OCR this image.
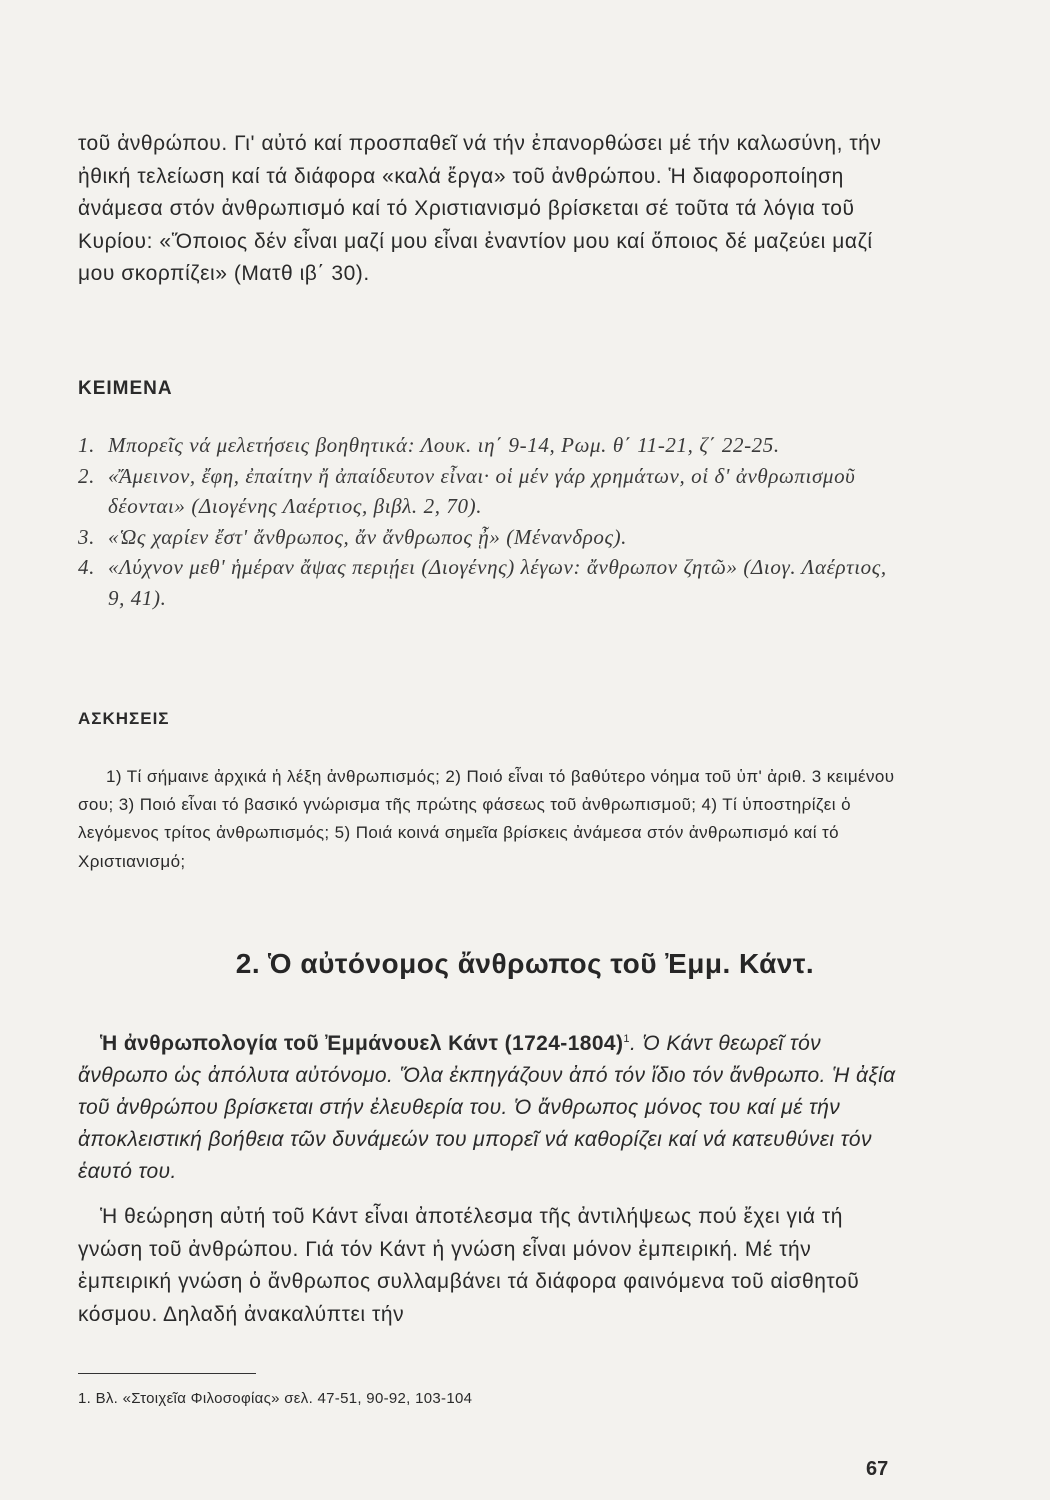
τοῦ ἀνθρώπου. Γι' αὐτό καί προσπαθεῖ νά τήν ἐπανορθώσει μέ τήν καλωσύνη, τήν ἠθική τελείωση καί τά διάφορα «καλά ἔργα» τοῦ ἀνθρώπου. Ἡ διαφοροποίηση ἀνάμεσα στόν ἀνθρωπισμό καί τό Χριστιανισμό βρίσκεται σέ τοῦτα τά λόγια τοῦ Κυρίου: «Ὅποιος δέν εἶναι μαζί μου εἶναι ἐναντίον μου καί ὅποιος δέ μαζεύει μαζί μου σκορπίζει» (Ματθ ιβ΄ 30).

ΚΕΙΜΕΝΑ
1. Μπορεῖς νά μελετήσεις βοηθητικά: Λουκ. ιη΄ 9-14, Ρωμ. θ΄ 11-21, ζ΄ 22-25.
2. «Ἄμεινον, ἔφη, ἐπαίτην ἤ ἀπαίδευτον εἶναι· οἱ μέν γάρ χρημάτων, οἱ δ' ἀνθρωπισμοῦ δέονται» (Διογένης Λαέρτιος, βιβλ. 2, 70).
3. «Ὡς χαρίεν ἔστ' ἄνθρωπος, ἄν ἄνθρωπος ᾖ» (Μένανδρος).
4. «Λύχνον μεθ' ἡμέραν ἄψας περιῄει (Διογένης) λέγων: ἄνθρωπον ζητῶ» (Διογ. Λαέρτιος, 9, 41).
ΑΣΚΗΣΕΙΣ

1) Τί σήμαινε ἀρχικά ἡ λέξη ἀνθρωπισμός; 2) Ποιό εἶναι τό βαθύτερο νόημα τοῦ ὑπ' ἀριθ. 3 κειμένου σου; 3) Ποιό εἶναι τό βασικό γνώρισμα τῆς πρώτης φάσεως τοῦ ἀνθρωπισμοῦ; 4) Τί ὑποστηρίζει ὁ λεγόμενος τρίτος ἀνθρωπισμός; 5) Ποιά κοινά σημεῖα βρίσκεις ἀνάμεσα στόν ἀνθρωπισμό καί τό Χριστιανισμό;

2. Ὁ αὐτόνομος ἄνθρωπος τοῦ Ἐμμ. Κάντ.

Ἡ ἀνθρωπολογία τοῦ Ἐμμάνουελ Κάντ (1724-1804)$^1$. Ὁ Κάντ θεωρεῖ τόν ἄνθρωπο ὡς ἀπόλυτα αὐτόνομο. Ὅλα ἐκπηγάζουν ἀπό τόν ἴδιο τόν ἄνθρωπο. Ἡ ἀξία τοῦ ἀνθρώπου βρίσκεται στήν ἐλευθερία του. Ὁ ἄνθρωπος μόνος του καί μέ τήν ἀποκλειστική βοήθεια τῶν δυνάμεών του μπορεῖ νά καθορίζει καί νά κατευθύνει τόν ἑαυτό του.

Ἡ θεώρηση αὐτή τοῦ Κάντ εἶναι ἀποτέλεσμα τῆς ἀντιλήψεως πού ἔχει γιά τή γνώση τοῦ ἀνθρώπου. Γιά τόν Κάντ ἡ γνώση εἶναι μόνον ἐμπειρική. Μέ τήν ἐμπειρική γνώση ὁ ἄνθρωπος συλλαμβάνει τά διάφορα φαινόμενα τοῦ αἰσθητοῦ κόσμου. Δηλαδή ἀνακαλύπτει τήν

1. Βλ. «Στοιχεῖα Φιλοσοφίας» σελ. 47-51, 90-92, 103-104

67
